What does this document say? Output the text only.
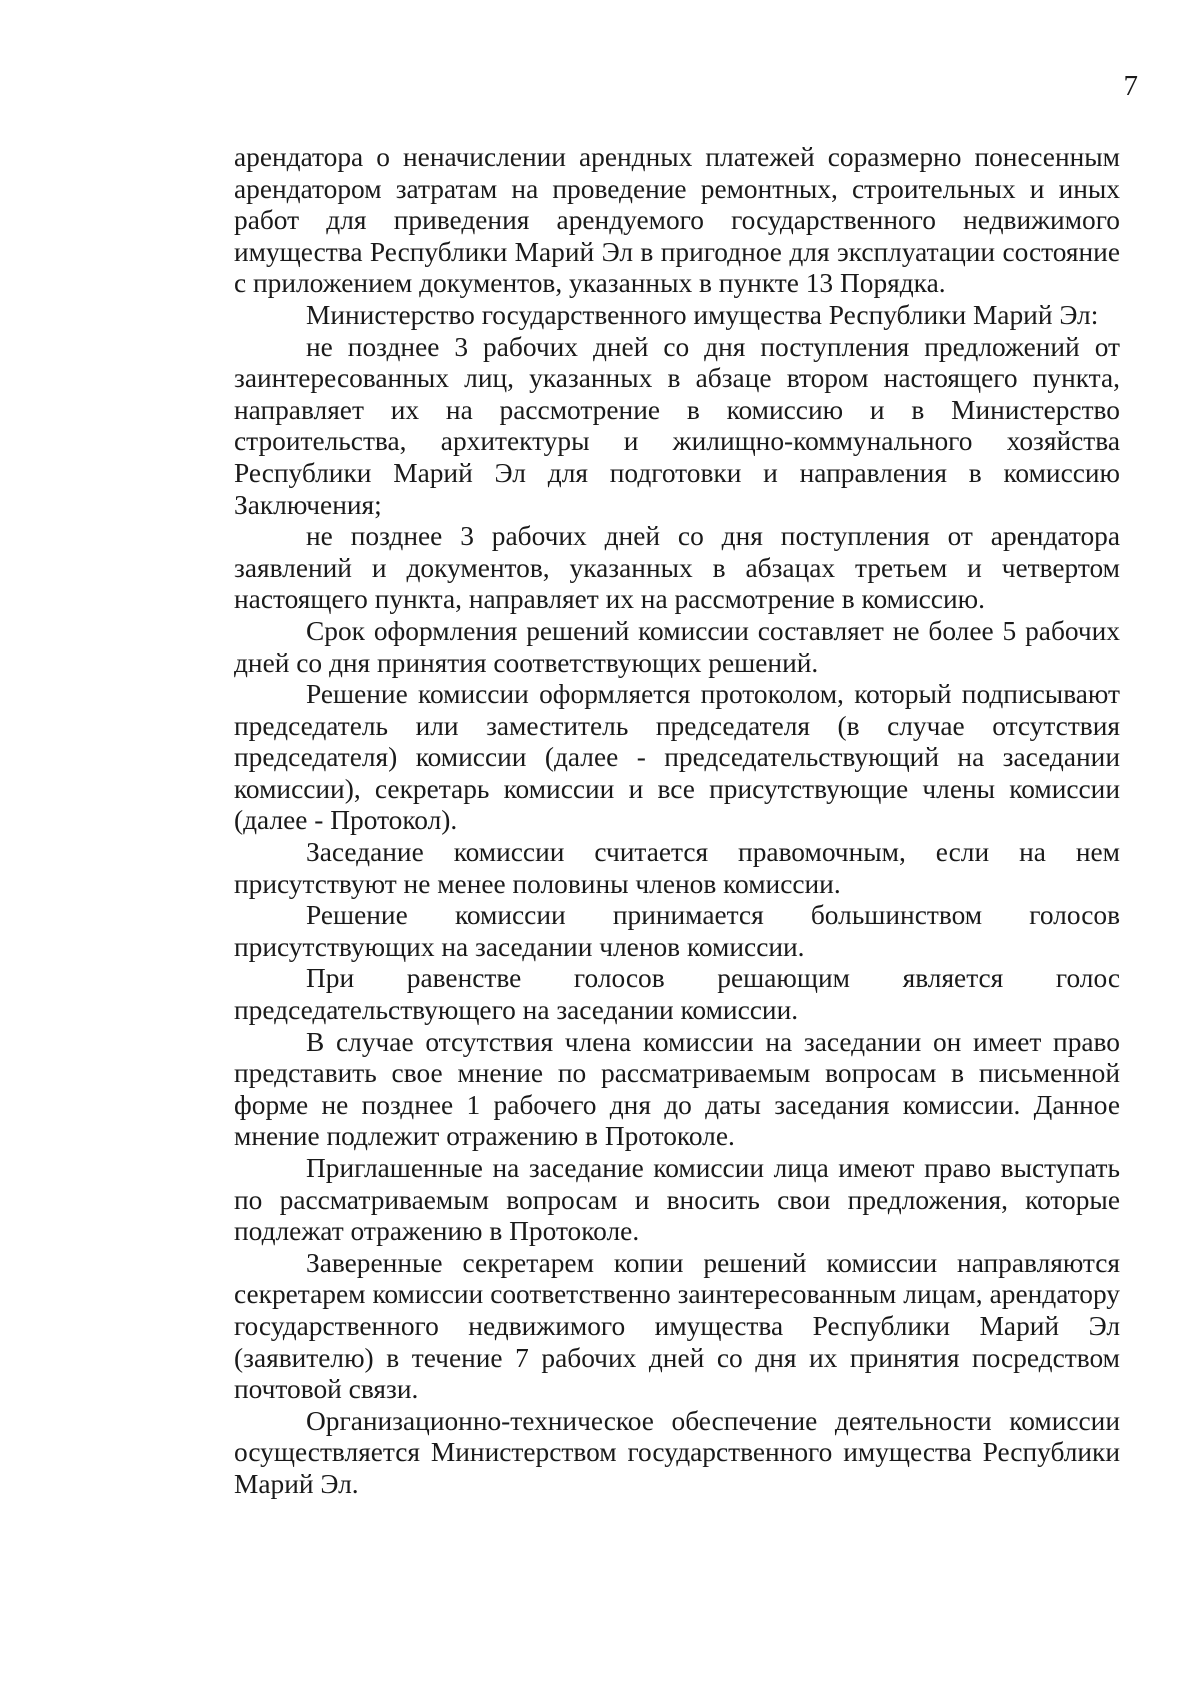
7

арендатора о неначислении арендных платежей соразмерно понесенным арендатором затратам на проведение ремонтных, строительных и иных работ для приведения арендуемого государственного недвижимого имущества Республики Марий Эл в пригодное для эксплуатации состояние с приложением документов, указанных в пункте 13 Порядка.

Министерство государственного имущества Республики Марий Эл:

не позднее 3 рабочих дней со дня поступления предложений от заинтересованных лиц, указанных в абзаце втором настоящего пункта, направляет их на рассмотрение в комиссию и в Министерство строительства, архитектуры и жилищно-коммунального хозяйства Республики Марий Эл для подготовки и направления в комиссию Заключения;

не позднее 3 рабочих дней со дня поступления от арендатора заявлений и документов, указанных в абзацах третьем и четвертом настоящего пункта, направляет их на рассмотрение в комиссию.

Срок оформления решений комиссии составляет не более 5 рабочих дней со дня принятия соответствующих решений.

Решение комиссии оформляется протоколом, который подписывают председатель или заместитель председателя (в случае отсутствия председателя) комиссии (далее - председательствующий на заседании комиссии), секретарь комиссии и все присутствующие члены комиссии (далее - Протокол).

Заседание комиссии считается правомочным, если на нем присутствуют не менее половины членов комиссии.

Решение комиссии принимается большинством голосов присутствующих на заседании членов комиссии.

При равенстве голосов решающим является голос председательствующего на заседании комиссии.

В случае отсутствия члена комиссии на заседании он имеет право представить свое мнение по рассматриваемым вопросам в письменной форме не позднее 1 рабочего дня до даты заседания комиссии. Данное мнение подлежит отражению в Протоколе.

Приглашенные на заседание комиссии лица имеют право выступать по рассматриваемым вопросам и вносить свои предложения, которые подлежат отражению в Протоколе.

Заверенные секретарем копии решений комиссии направляются секретарем комиссии соответственно заинтересованным лицам, арендатору государственного недвижимого имущества Республики Марий Эл (заявителю) в течение 7 рабочих дней со дня их принятия посредством почтовой связи.

Организационно-техническое обеспечение деятельности комиссии осуществляется Министерством государственного имущества Республики Марий Эл.
